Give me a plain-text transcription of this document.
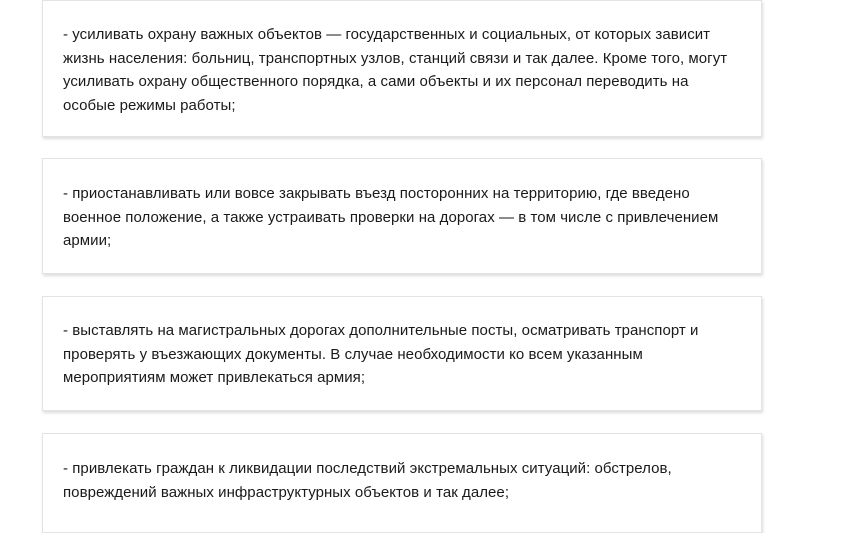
- усиливать охрану важных объектов — государственных и социальных, от которых зависит жизнь населения: больниц, транспортных узлов, станций связи и так далее. Кроме того, могут усиливать охрану общественного порядка, а сами объекты и их персонал переводить на особые режимы работы;

- приостанавливать или вовсе закрывать въезд посторонних на территорию, где введено военное положение, а также устраивать проверки на дорогах — в том числе с привлечением армии;

- выставлять на магистральных дорогах дополнительные посты, осматривать транспорт и проверять у въезжающих документы. В случае необходимости ко всем указанным мероприятиям может привлекаться армия;

- привлекать граждан к ликвидации последствий экстремальных ситуаций: обстрелов, повреждений важных инфраструктурных объектов и так далее;
